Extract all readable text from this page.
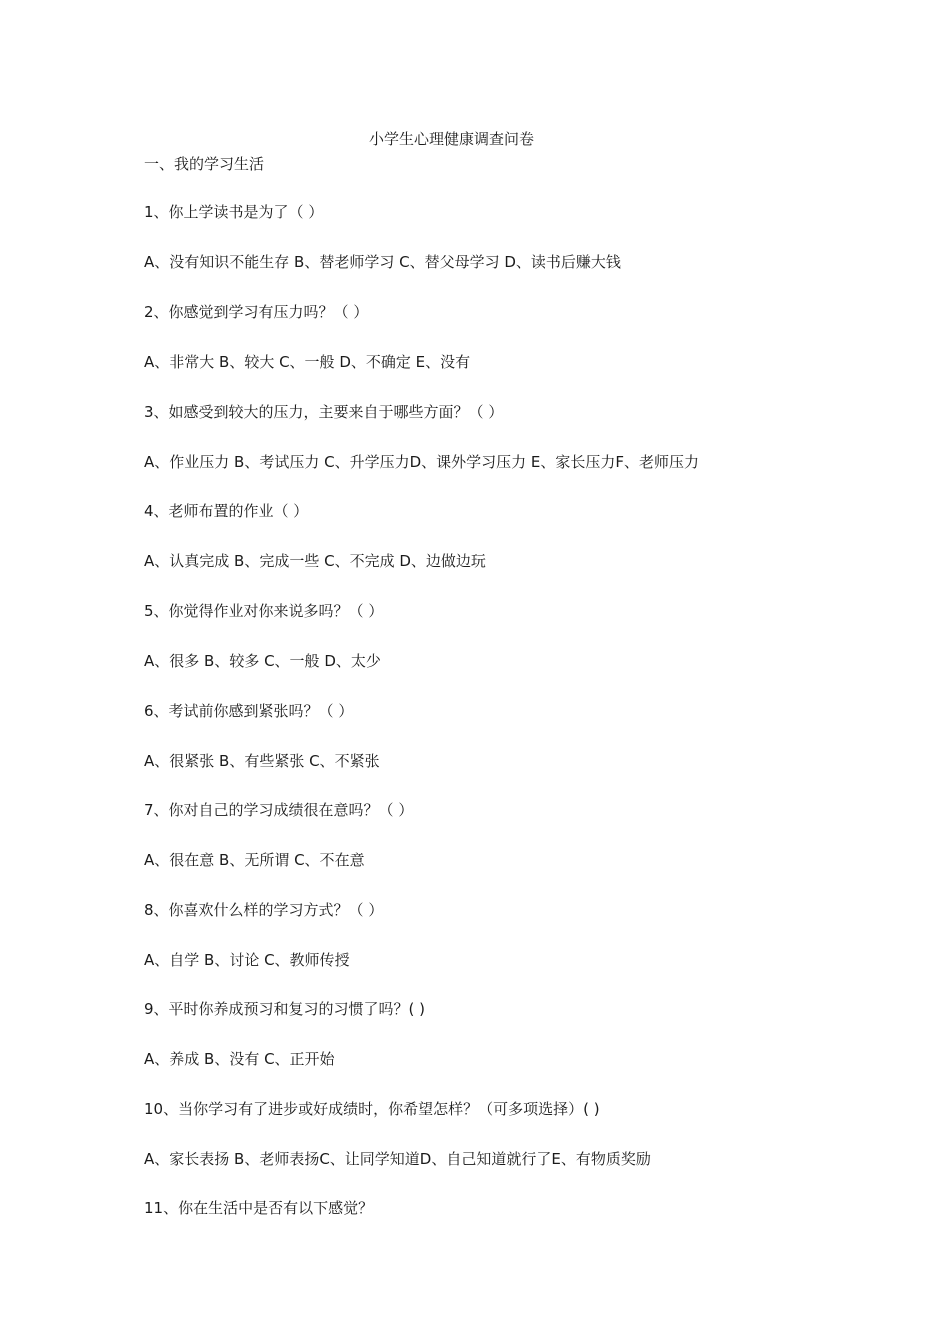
小学生心理健康调查问卷
一、我的学习生活
1、你上学读书是为了（ ）
A、没有知识不能生存 B、替老师学习 C、替父母学习 D、读书后赚大钱
2、你感觉到学习有压力吗？（ ）
A、非常大 B、较大 C、一般 D、不确定 E、没有
3、如感受到较大的压力，主要来自于哪些方面？（ ）
A、作业压力 B、考试压力 C、升学压力D、课外学习压力 E、家长压力F、老师压力
4、老师布置的作业（ ）
A、认真完成 B、完成一些 C、不完成 D、边做边玩
5、你觉得作业对你来说多吗？（ ）
A、很多 B、较多 C、一般 D、太少
6、考试前你感到紧张吗？（ ）
A、很紧张 B、有些紧张 C、不紧张
7、你对自己的学习成绩很在意吗？（ ）
A、很在意 B、无所谓 C、不在意
8、你喜欢什么样的学习方式？（ ）
A、自学 B、讨论 C、教师传授
9、平时你养成预习和复习的习惯了吗？( )
A、养成 B、没有 C、正开始
10、当你学习有了进步或好成绩时，你希望怎样？（可多项选择）( )
A、家长表扬 B、老师表扬C、让同学知道D、自己知道就行了E、有物质奖励
11、你在生活中是否有以下感觉？
